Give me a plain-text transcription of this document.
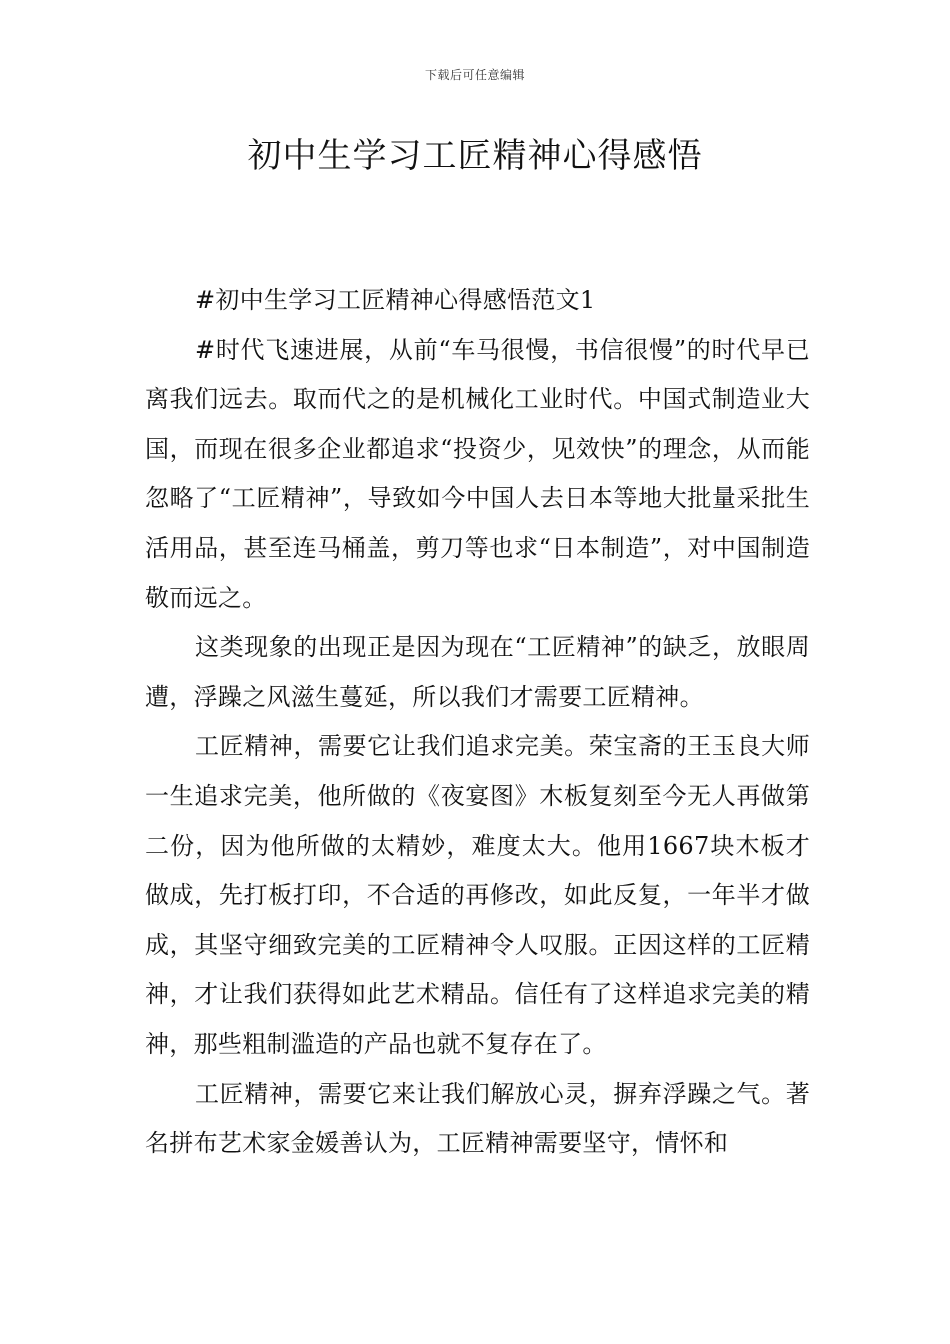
下载后可任意编辑
初中生学习工匠精神心得感悟

#初中生学习工匠精神心得感悟范文1

#时代飞速进展，从前“车马很慢，书信很慢”的时代早已离我们远去。取而代之的是机械化工业时代。中国式制造业大国，而现在很多企业都追求“投资少，见效快”的理念，从而能忽略了“工匠精神”，导致如今中国人去日本等地大批量采批生活用品，甚至连马桶盖，剪刀等也求“日本制造”，对中国制造敬而远之。

这类现象的出现正是因为现在“工匠精神”的缺乏，放眼周遭，浮躁之风滋生蔓延，所以我们才需要工匠精神。

工匠精神，需要它让我们追求完美。荣宝斋的王玉良大师一生追求完美，他所做的《夜宴图》木板复刻至今无人再做第二份，因为他所做的太精妙，难度太大。他用1667块木板才做成，先打板打印，不合适的再修改，如此反复，一年半才做成，其坚守细致完美的工匠精神令人叹服。正因这样的工匠精神，才让我们获得如此艺术精品。信任有了这样追求完美的精神，那些粗制滥造的产品也就不复存在了。

工匠精神，需要它来让我们解放心灵，摒弃浮躁之气。著名拼布艺术家金媛善认为，工匠精神需要坚守，情怀和
